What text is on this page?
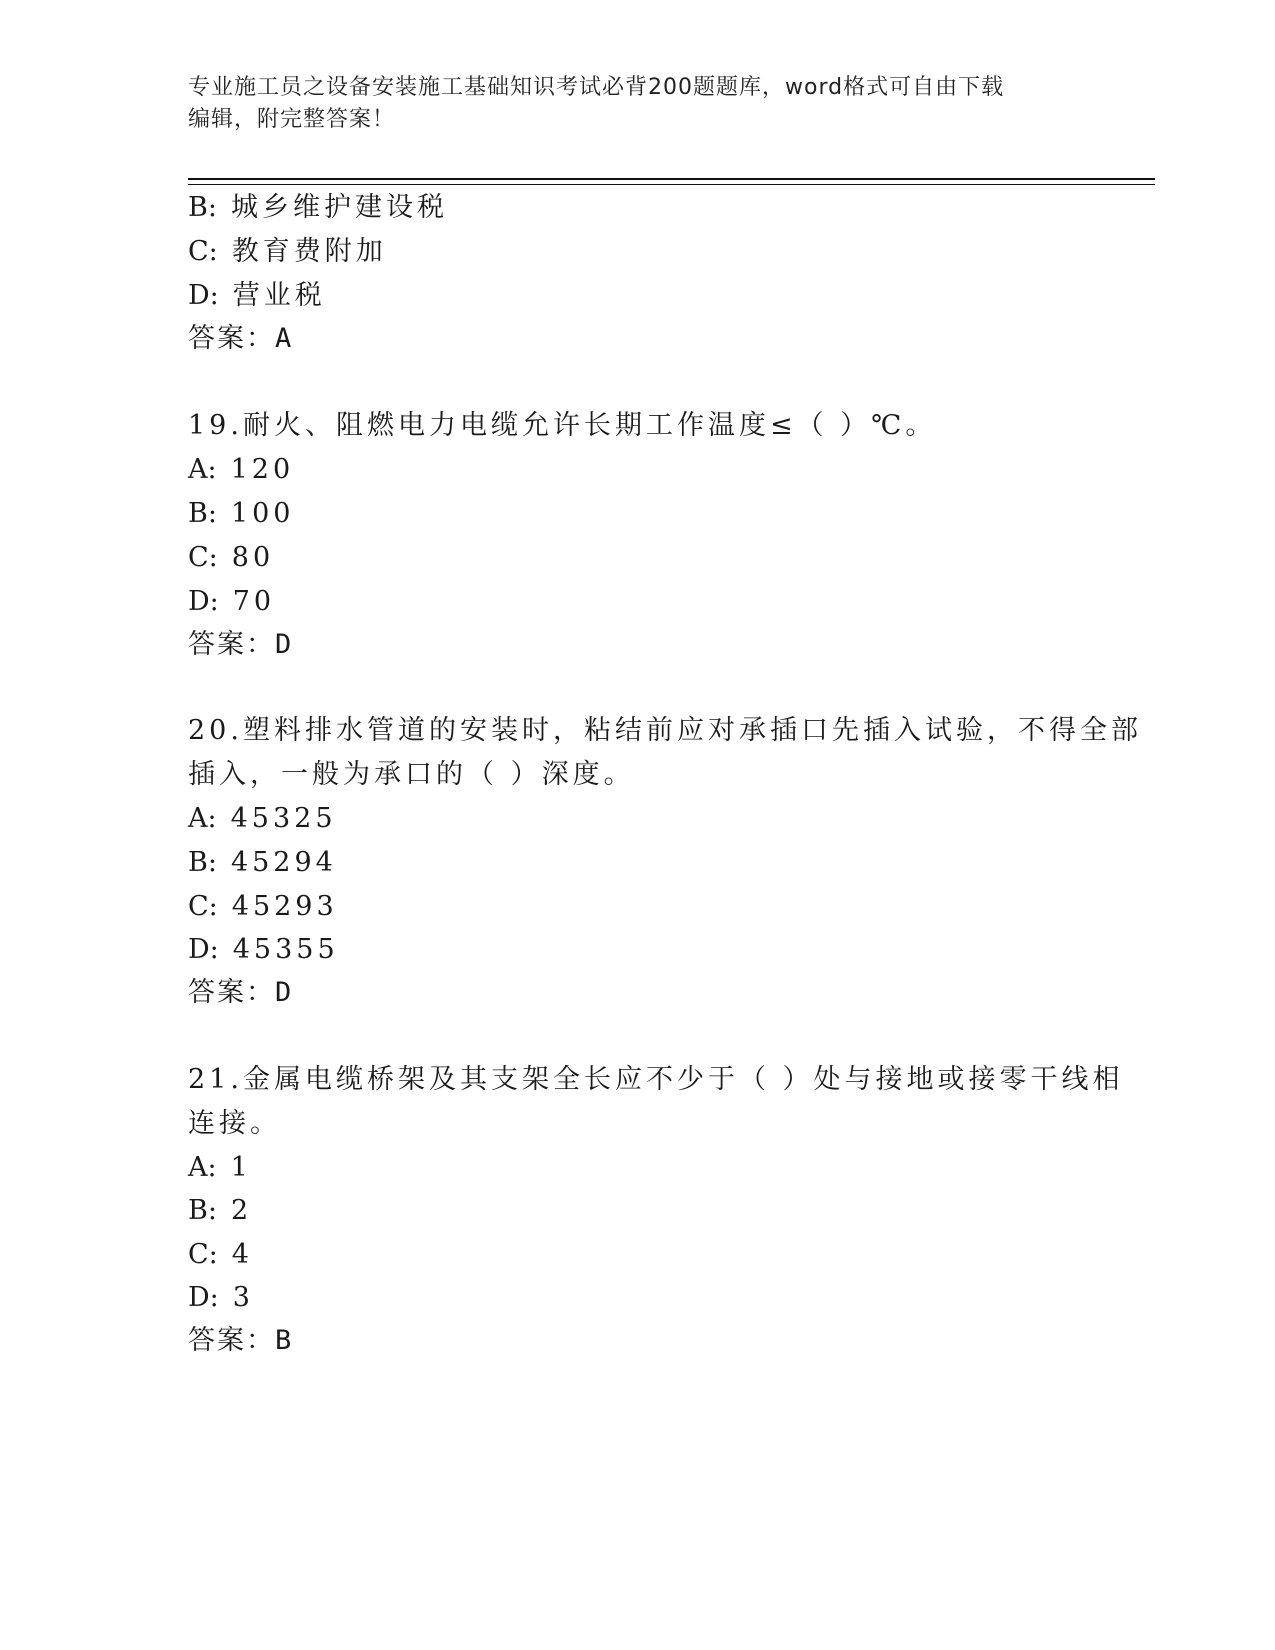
专业施工员之设备安装施工基础知识考试必背200题题库，word格式可自由下载
编辑，附完整答案！
B: 城乡维护建设税
C: 教育费附加
D: 营业税
答案：A
19.耐火、阻燃电力电缆允许长期工作温度≤（ ）℃。
A: 120
B: 100
C: 80
D: 70
答案：D
20.塑料排水管道的安装时，粘结前应对承插口先插入试验，不得全部
插入，一般为承口的（ ）深度。
A: 45325
B: 45294
C: 45293
D: 45355
答案：D
21.金属电缆桥架及其支架全长应不少于（ ）处与接地或接零干线相
连接。
A: 1
B: 2
C: 4
D: 3
答案：B
